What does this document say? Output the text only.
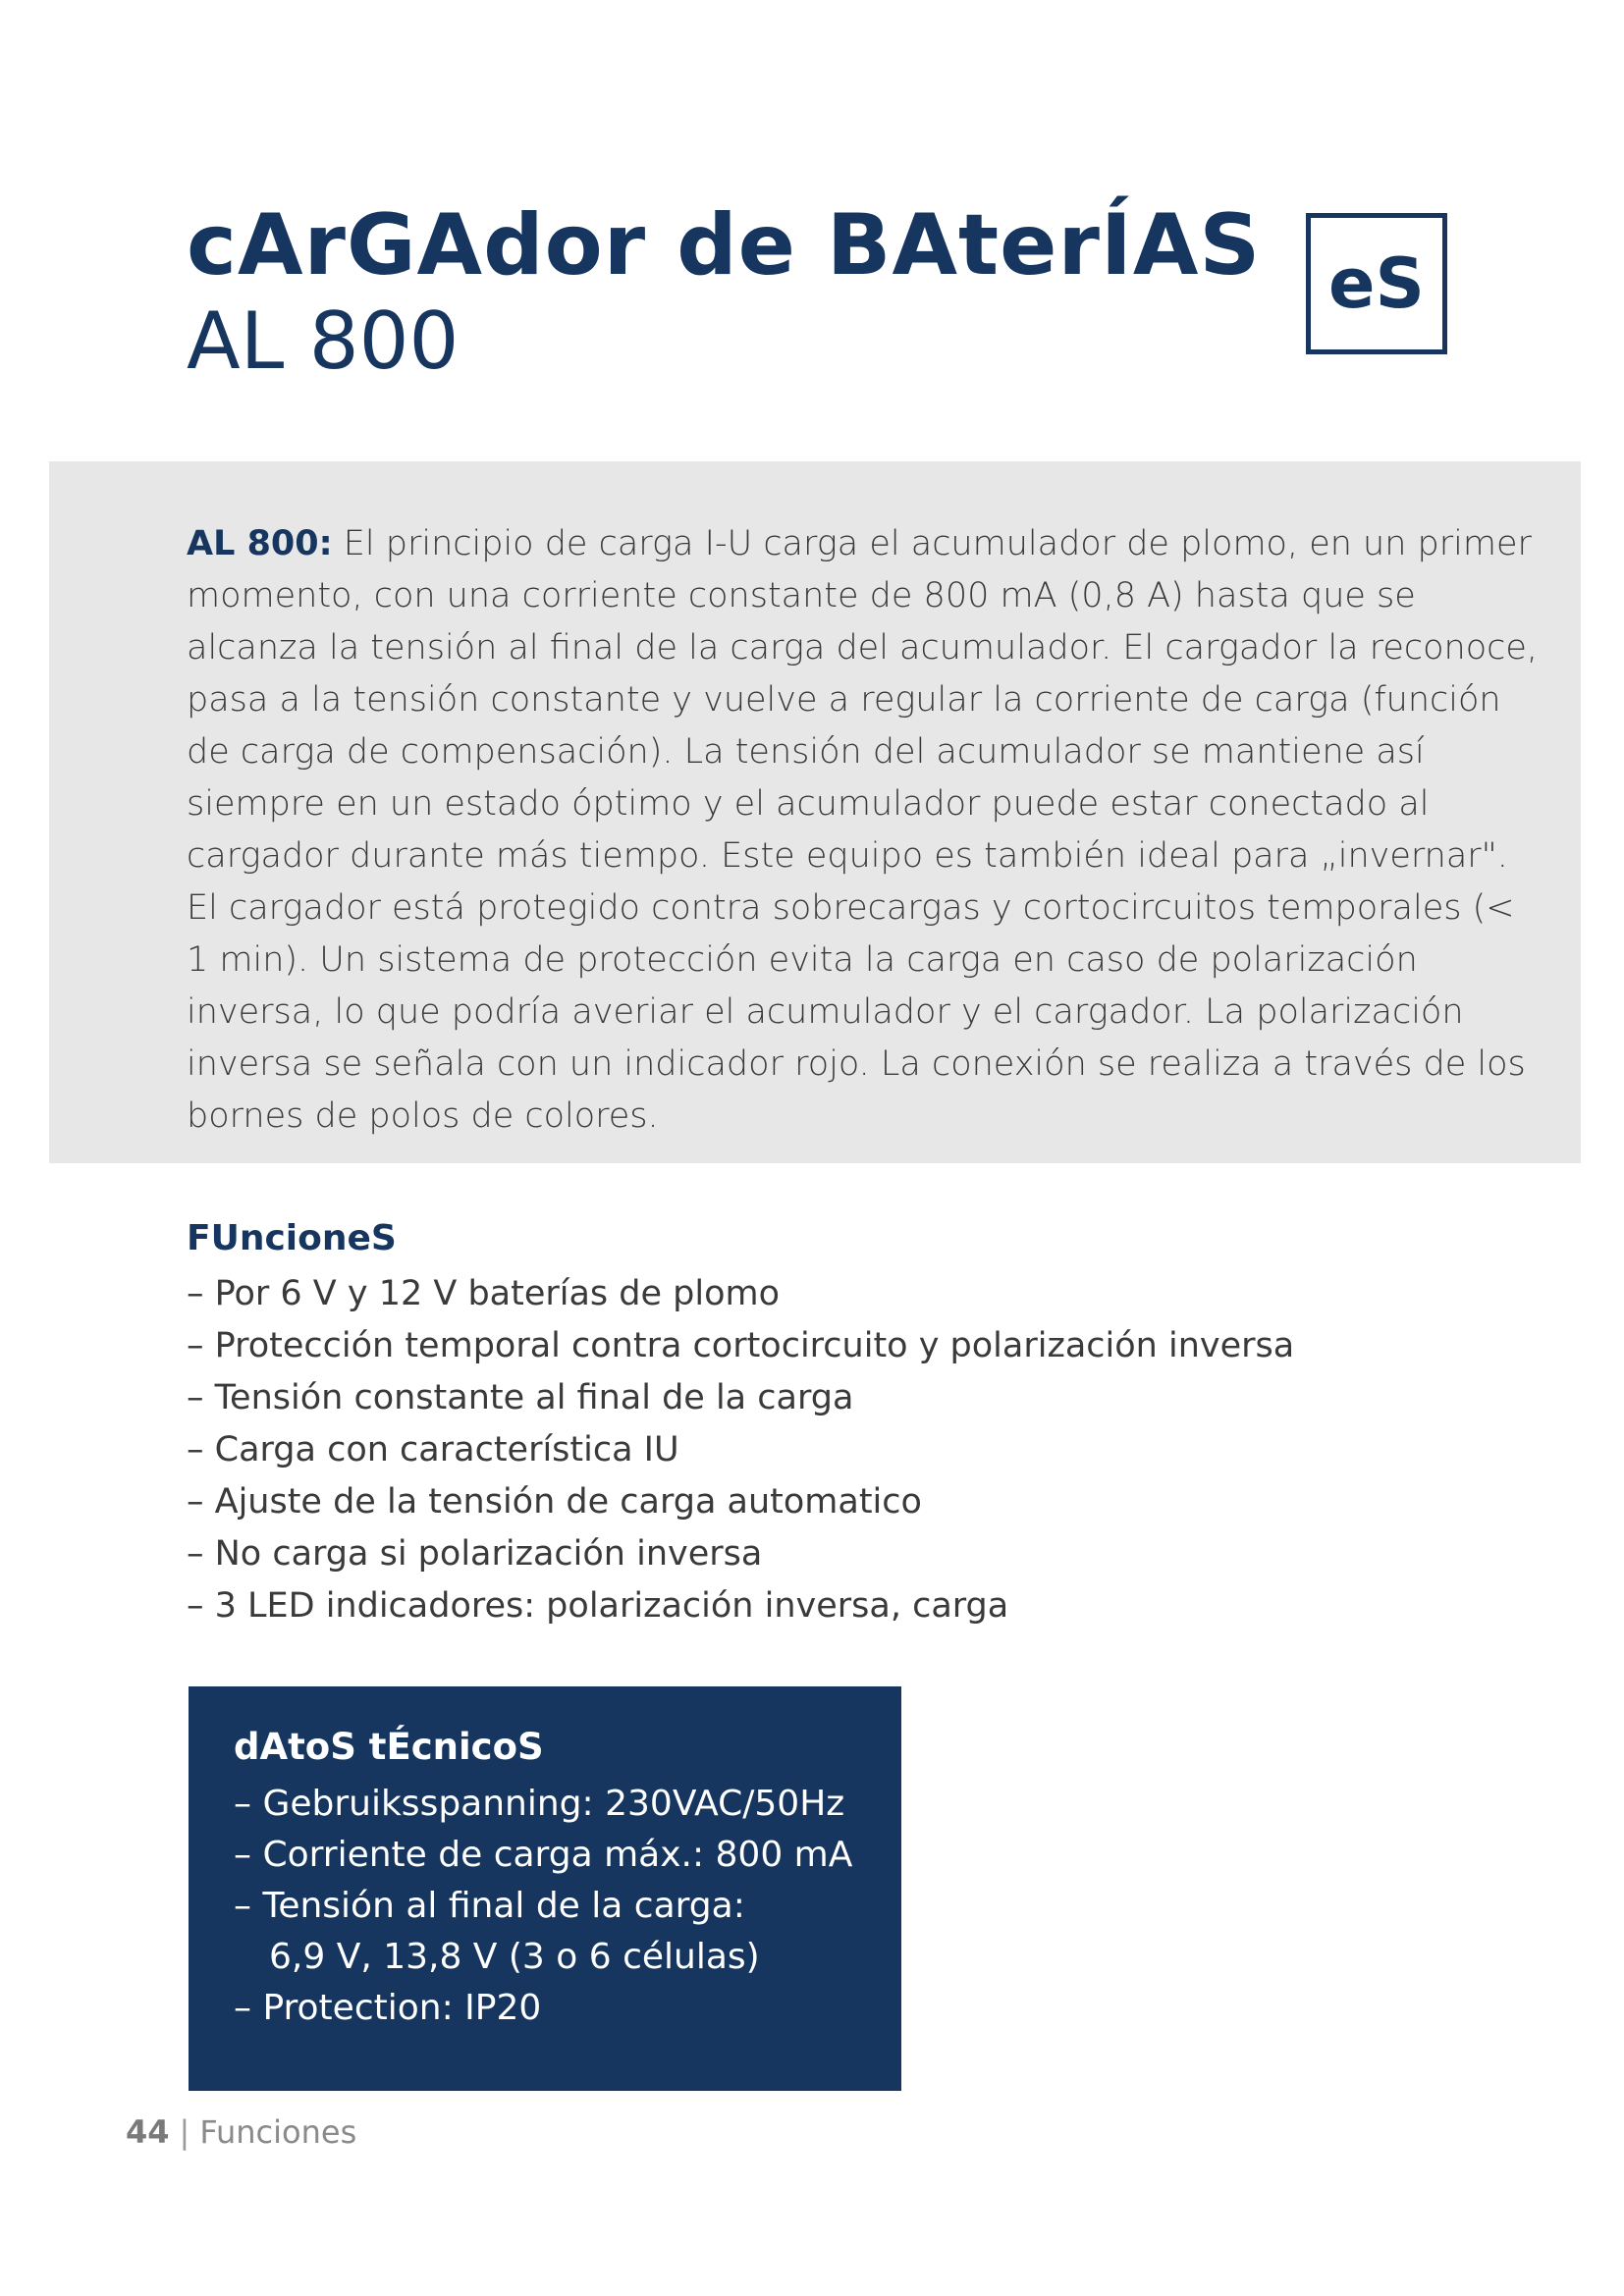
cArGAdor de BAterÍAS
AL 800
eS

AL 800: El principio de carga I-U carga el acumulador de plomo, en un primer momento, con una corriente constante de 800 mA (0,8 A) hasta que se alcanza la tensión al final de la carga del acumulador. El cargador la reconoce, pasa a la tensión constante y vuelve a regular la corriente de carga (función de carga de compensación). La tensión del acumulador se mantiene así siempre en un estado óptimo y el acumulador puede estar conectado al cargador durante más tiempo. Este equipo es también ideal para „invernar". El cargador está protegido contra sobrecargas y cortocircuitos temporales (< 1 min). Un sistema de protección evita la carga en caso de polarización inversa, lo que podría averiar el acumulador y el cargador. La polarización inversa se señala con un indicador rojo. La conexión se realiza a través de los bornes de polos de colores.

FUncioneS
– Por 6 V y 12 V baterías de plomo
– Protección temporal contra cortocircuito y polarización inversa
– Tensión constante al final de la carga
– Carga con característica IU
– Ajuste de la tensión de carga automatico
– No carga si polarización inversa
– 3 LED indicadores: polarización inversa, carga
dAtoS tÉcnicoS
– Gebruiksspanning: 230VAC/50Hz
– Corriente de carga máx.: 800 mA
– Tensión al final de la carga:
6,9 V, 13,8 V (3 o 6 células)
– Protection: IP20
44 | Funciones
